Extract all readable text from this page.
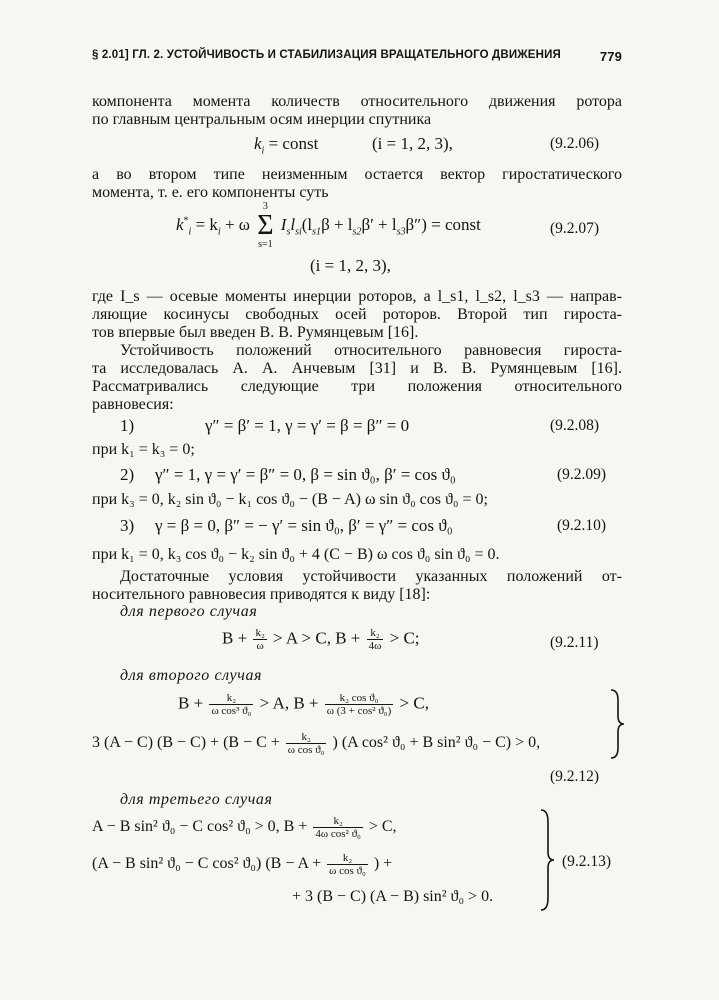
§ 2.01] ГЛ. 2. УСТОЙЧИВОСТЬ И СТАБИЛИЗАЦИЯ ВРАЩАТЕЛЬНОГО ДВИЖЕНИЯ	779
компонента момента количеств относительного движения ротора
по главным центральным осям инерции спутника
$k_i$ = const	(i = 1, 2, 3),	(9.2.06)
а во втором типе неизменным остается вектор гиростатического
момента, т. е. его компоненты суть
$k^*_i = k_i + \omega$
3
Σ
s=1
$I_sl_{si}(l_{s1}\beta + l_{s2}\beta' + l_{s3}\beta'')$ = const	(9.2.07)
(i = 1, 2, 3),
где I_s — осевые моменты инерции роторов, а l_s1, l_s2, l_s3 — направ-
ляющие косинусы свободных осей роторов. Второй тип гироста-
тов впервые был введен В. В. Румянцевым [16].
Устойчивость положений относительного равновесия гироста-
та исследовалась А. А. Анчевым [31] и В. В. Румянцевым [16].
Рассматривались следующие три положения относительного
равновесия:
1)	γ″ = β′ = 1, γ = γ′ = β = β″ = 0	(9.2.08)
при k₁ = k₃ = 0;
2) γ″ = 1, γ = γ′ = β″ = 0, β = sin ϑ₀, β′ = cos ϑ₀	(9.2.09)
при k₃ = 0, k₂ sin ϑ₀ − k₁ cos ϑ₀ − (B − A) ω sin ϑ₀ cos ϑ₀ = 0;
3) γ = β = 0, β″ = − γ′ = sin ϑ₀, β′ = γ″ = cos ϑ₀	(9.2.10)
при k₁ = 0, k₃ cos ϑ₀ − k₂ sin ϑ₀ + 4 (C − B) ω cos ϑ₀ sin ϑ₀ = 0.
Достаточные условия устойчивости указанных положений от-
носительного равновесия приводятся к виду [18]:
для первого случая
$B + \frac{\text{k₂}}{\omega} > A > C$, $B + \frac{\text{k₂}}{4\omega} > C$;	(9.2.11)
для второго случая
$B + \frac{\text{k₂}}{\text{ω cos³ ϑ₀}} > A$, $B + \frac{\text{k₂ cos ϑ₀}}{\text{ω (3 + cos² ϑ₀)}} > C$,
3 (A − C) $(B - C) + (B - C + \frac{\text{k₂}}{\text{ω cos ϑ₀}}$ ) (A cos² ϑ₀ + B sin² ϑ₀ − C) > 0,
(9.2.12)
для третьего случая
A − B sin² ϑ₀ − C cos² ϑ₀ > 0, $B + \frac{\text{k₂}}{\text{4ω cos² ϑ₀}} > C$,
(A − B sin² ϑ₀ − C cos² ϑ₀) ($B - A + \frac{\text{k₂}}{\text{ω cos ϑ₀}}$ ) +
+ 3 (B − C) (A − B) sin² ϑ₀ > 0.
(9.2.13)
